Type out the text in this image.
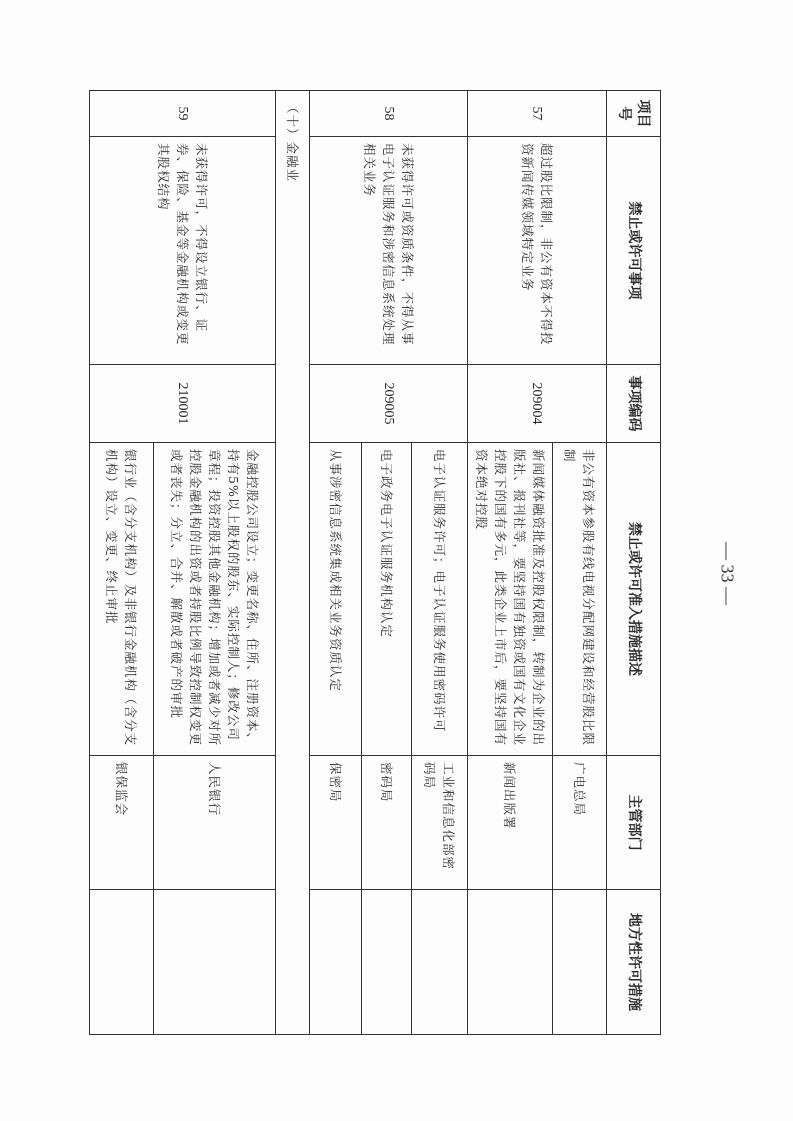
项目号	禁止或许可事项	事项编码	禁止或许可准入措施描述	主管部门	地方性许可措施
57	超过股比限制，非公有资本不得投资新闻传媒领域特定业务	209004	非公有资本参股有线电视分配网建设和经营股比限制	广电总局	
			新闻媒体融资批准及控股权限制，转制为企业的出版社、报刊社等，要坚持国有独资或国有文化企业控股下的国有多元，此类企业上市后，要坚持国有资本绝对控股	新闻出版署	
58	未获得许可或资质条件，不得从事电子认证服务和涉密信息系统处理相关业务	209005	电子认证服务许可；电子认证服务使用密码许可	工业和信息化部密码局	
			电子政务电子认证服务机构认定	密码局	
			从事涉密信息系统集成相关业务资质认定	保密局	
（十）金融业					
59	未获得许可，不得设立银行、证券、保险、基金等金融机构或变更其股权结构	210001	金融控股公司设立；变更名称、住所、注册资本、持有5%以上股权的股东、实际控制人；修改公司章程；投资控股其他金融机构；增加或者减少对所控股金融机构的出资或者持股比例导致控制权变更或者丧失；分立、合并、解散或者破产的审批	人民银行	
			银行业（含分支机构）及非银行金融机构（含分支机构）设立、变更、终止审批	银保监会	
— 33 —
